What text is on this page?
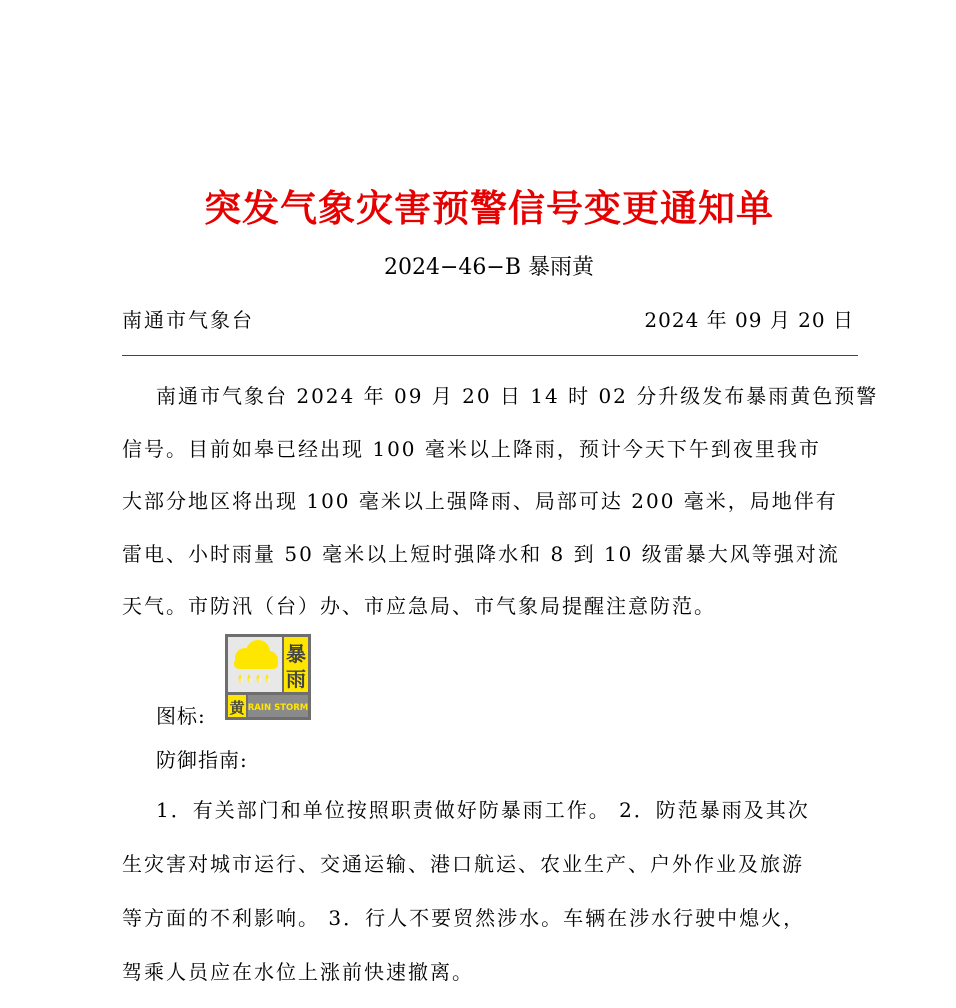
突发气象灾害预警信号变更通知单
2024−46−B 暴雨黄
南通市气象台	2024 年 09 月 20 日
南通市气象台 2024 年 09 月 20 日 14 时 02 分升级发布暴雨黄色预警
信号。目前如皋已经出现 100 毫米以上降雨，预计今天下午到夜里我市
大部分地区将出现 100 毫米以上强降雨、局部可达 200 毫米，局地伴有
雷电、小时雨量 50 毫米以上短时强降水和 8 到 10 级雷暴大风等强对流
天气。市防汛（台）办、市应急局、市气象局提醒注意防范。
图标:
暴
雨
黄 RAIN STORM
防御指南:
1．有关部门和单位按照职责做好防暴雨工作。 2．防范暴雨及其次
生灾害对城市运行、交通运输、港口航运、农业生产、户外作业及旅游
等方面的不利影响。 3．行人不要贸然涉水。车辆在涉水行驶中熄火，
驾乘人员应在水位上涨前快速撤离。
